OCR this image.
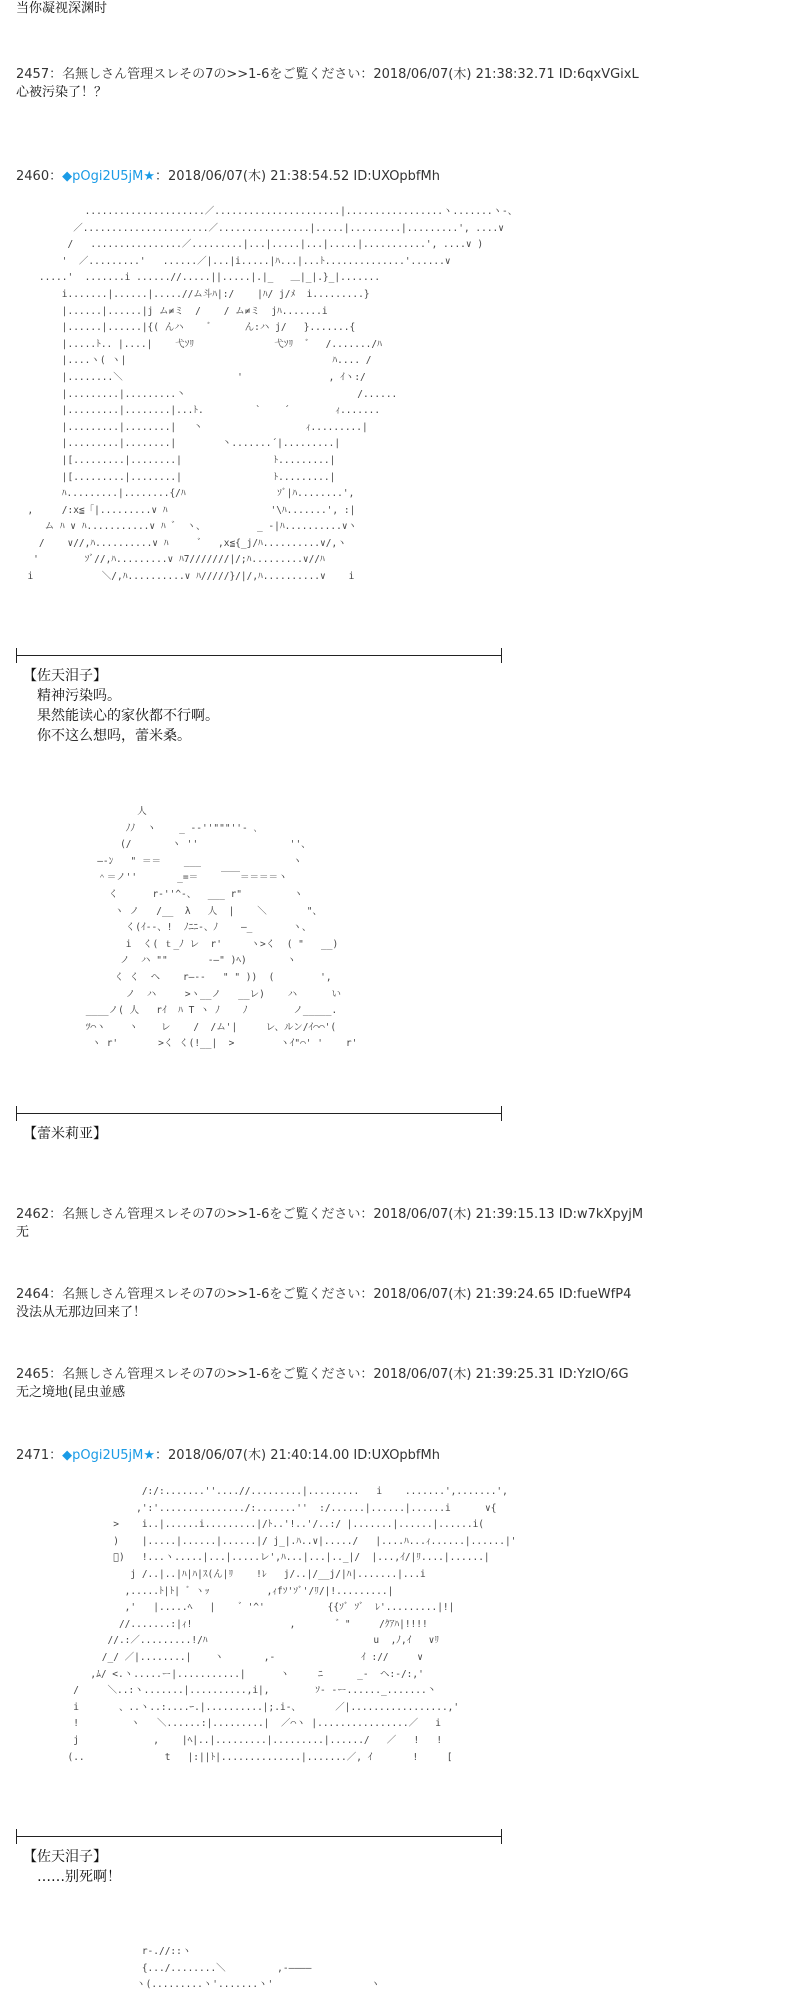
当你凝视深渊时
2457：名無しさん管理スレその7の>>1-6をご覧ください：2018/06/07(木) 21:38:32.71 ID:6qxVGixL
心被污染了！？
2460：◆pOgi2U5jM★：2018/06/07(木) 21:38:54.52 ID:UXOpbfMh
.....................／......................|.................ヽ.......ヽ-、
／......................／................|.....|.........|.........', ....∨
/   ................／.........|...|.....|...|.....|...........', ....∨ )
'  ／.........'   ......／|...|i.....|ﾊ...|...ﾄ..............'......∨
.....'  .......i ......//.....||.....|.|_   ＿|_|.}_|.......
i.......|......|.....//ム斗ﾊ|:/    |ﾊ/ j/ﾒ  i.........}
|......|......|j ム≠ミ  /    / ム≠ミ  jﾊ.......i
|......|......|{( んハ    ゛     ん:ハ j/   }.......{
|.....ﾄ.. |....|    弋ｿﾘ              弋ｿﾘ  ゛  /......./ﾊ
|....ヽ( ヽ|                                    ﾊ.... /
|........＼                    '               , ｲヽ:/
|.........|.........丶                              /......
|.........|........|...ﾄ.         `    ´        ｨ.......
|.........|........|   丶                  ｨ.........|
|.........|........|        丶.......´|.........|
|[.........|........|                ﾄ.........|
|[.........|........|                ﾄ.........|
ﾊ.........|........{/ﾊ                ｿﾞ|ﾊ........',
,     /:x≦「|.........∨ ﾊ                  '\ﾊ.......', :|
ム ﾊ ∨ ﾊ...........∨ ﾊ ゛ ヽ、         _ -|ﾊ..........∨ヽ
/    ∨//,ﾊ..........∨ ﾊ     ゛  ,x≦{_j/ﾊ..........∨/,ヽ
'        ｿﾞ//,ﾊ.........∨ ﾊ7///////|/;ﾊ.........∨//ﾊ
i            ＼/,ﾊ..........∨ ﾊ/////}/|/,ﾊ..........∨    i

【佐天泪子】
精神污染吗。
果然能读心的家伙都不行啊。
你不这么想吗，蕾米桑。
人
ﾉﾉ  ヽ    _ -‐''"""''‐ ､
(/       ヽ ''                ''、
―‐ﾝ   " ＝＝    ___                ヽ
＾＝ノ''       _=＝    ￣￣＝＝＝＝ヽ
く      r‐''^‐、  ___ r"         ヽ
ヽ ノ   /__  λ   人  |    ＼       "、
く(ｲ‐‐、!  ﾉﾆﾆ‐、ﾉ    ―_       ヽ、
i  く( ｔ_ﾉ レ  r'     ヽ>く  ( "   __)
ノ  ハ ""       ‐―" )ﾍ)       ヽ
く く  ヘ    r―‐-   " " ))  (        ',
ノ  ハ     >ヽ__ノ   __レ)    ハ      い
____ノ( 人   rｲ  ﾊ T ヽ ﾉ    ﾉ        ノ_____.
ﾂ⌒ヽ    ヽ    レ    /  /ム'|     レ、ルン/ｲ⌒⌒'(
ヽ r'       >く く(!__|  >        ヽｲ"⌒' '    r'

【蕾米莉亚】
2462：名無しさん管理スレその7の>>1-6をご覧ください：2018/06/07(木) 21:39:15.13 ID:w7kXpyjM
无
2464：名無しさん管理スレその7の>>1-6をご覧ください：2018/06/07(木) 21:39:24.65 ID:fueWfP4
没法从无那边回来了！
2465：名無しさん管理スレその7の>>1-6をご覧ください：2018/06/07(木) 21:39:25.31 ID:YzIO/6G
无之境地(昆虫並感
2471：◆pOgi2U5jM★：2018/06/07(木) 21:40:14.00 ID:UXOpbfMh
/:/:.......''....//.........|.........   i    .......',.......',
,':'.............../:.......''  :/......|......|......i      ∨{
>    i..|......i.........|/ﾄ..'!..'/..:/ |.......|......|......i(
)    |.....|......|......|/ j_|.ﾊ..∨|...../   |....ﾊ...ｨ......|......|'
ﾞ)   !...ヽ.....|...|.....レ',ﾊ...|...|.._|/  |...,ｲ/|ﾘ....|......|
j /..|..|ﾊ|ﾊ|ｽ(ん|ﾘ    !ﾚ   j/..|/__j/|ﾊ|.......|...i
,.....ﾄ|ﾄ| ゛ヽｯ          ,ｨfｿ'ｿﾞ'/ﾘ/|!.........|
,'   |.....ﾍ   |    ゛'^'           {{ｿﾞ ｿﾞ  ﾚ'.........|!|
//.......:|ｨ!                 ,       ゛"     /ｸｱﾊ|!!!!
//.:／.........!/ﾊ                             u  ,ﾉ,ｲ   ∨ﾘ
/_/ ／|........|    ヽ       ,-               ｲ ://     ∨
,ﾑ/ <.ヽ.....ー|...........|      ヽ     ﾆ      _-  ヘ:-/:,'
/     ＼..:ヽ.......|..........,i|,        ｿ‐ ‐ー......_.......丶
i       、..ヽ..:....ｰ.|..........|;.i‐、      ／|.................,'
!         ヽ   ＼......:|.........|  ／⌒ヽ |................／   i
j             ,    |ﾍ|..|.........|.........|....../   ／   !   !
(..              t   |:||ﾄ|..............|.......／, ｲ       !     [

【佐天泪子】
……别死啊！
r‐.//::ヽ
{.../........＼         ,‐――――
ヽ(.........ヽ'.......ヽ'                 ヽ
